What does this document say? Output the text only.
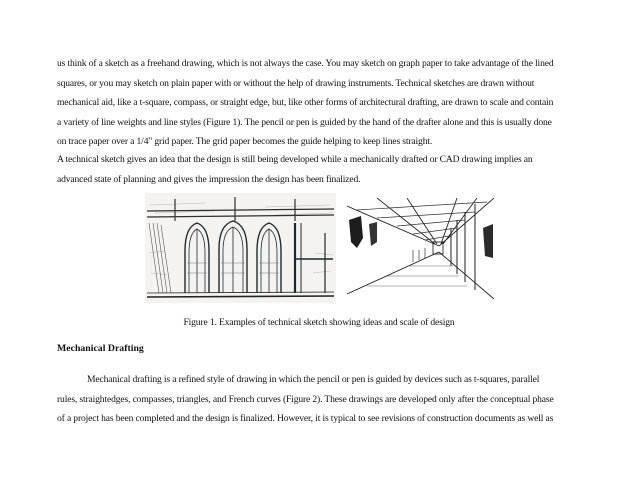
us think of a sketch as a freehand drawing, which is not always the case. You may sketch on graph paper to take advantage of the lined
squares, or you may sketch on plain paper with or without the help of drawing instruments. Technical sketches are drawn without
mechanical aid, like a t-square, compass, or straight edge, but, like other forms of architectural drafting, are drawn to scale and contain
a variety of line weights and line styles (Figure 1). The pencil or pen is guided by the hand of the drafter alone and this is usually done
on trace paper over a 1/4" grid paper. The grid paper becomes the guide helping to keep lines straight.

A technical sketch gives an idea that the design is still being developed while a mechanically drafted or CAD drawing implies an
advanced state of planning and gives the impression the design has been finalized.

Figure 1. Examples of technical sketch showing ideas and scale of design
Mechanical Drafting

Mechanical drafting is a refined style of drawing in which the pencil or pen is guided by devices such as t-squares, parallel
rules, straightedges, compasses, triangles, and French curves (Figure 2). These drawings are developed only after the conceptual phase
of a project has been completed and the design is finalized. However, it is typical to see revisions of construction documents as well as
